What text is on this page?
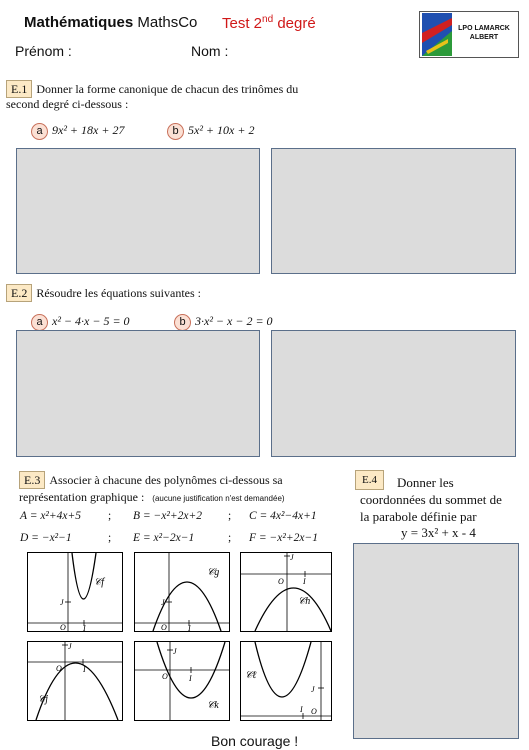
Mathématiques MathsCo Test 2nd degré
Prénom :	Nom :
LPO LAMARCK
ALBERT
E.1 Donner la forme canonique de chacun des trinômes du
second degré ci-dessous :
a 9x² + 18x + 27	b 5x² + 10x + 2
E.2 Résoudre les équations suivantes :
a x² − 4·x − 5 = 0	b 3·x² − x − 2 = 0
E.3 Associer à chacune des polynômes ci-dessous sa
représentation graphique : (aucune justification n'est demandée)
A = x²+4x+5 ; B = −x²+2x+2 ; C = 4x²−4x+1
D = −x²−1	; E = x²−2x−1	; F = −x²+2x−1
J
O I
𝒞f
J
O	I
𝒞g
J
O I
𝒞h
J
O	I
𝒞j
J
O	I
𝒞k
J
O
I
𝒞ℓ
E.4	Donner les
coordonnées du sommet de
la parabole définie par
y = 3x² + x - 4
Bon courage !
